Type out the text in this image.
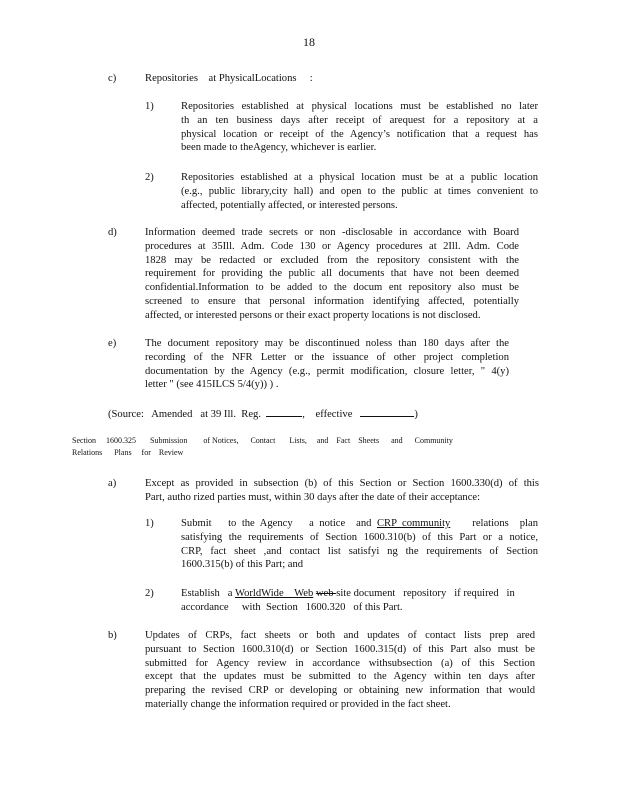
18
c)	Repositories    at PhysicalLocations     :
1)	Repositories established at physical locations must be established no later
th an ten business days after receipt of arequest for a repository at a
physical location or receipt of the Agency’s notification that a request has
been made to theAgency, whichever is earlier.
2)	Repositories established at a physical location must be at a public location
(e.g., public library,city hall) and open to the public at times convenient to
affected, potentially affected, or interested persons.
d)	Information deemed trade secrets or non -disclosable in accordance with Board
procedures at 35Ill. Adm. Code 130 or Agency procedures at 2Ill. Adm. Code
1828 may be redacted or excluded from the repository consistent with the
requirement for providing the public all documents that have not been deemed
confidential.Information to be added to the docum ent repository also must be
screened to ensure that personal information identifying affected, potentially
affected, or interested persons or their exact property locations is not disclosed.
e)	The document repository may be discontinued noless than 180 days after the
recording of the NFR Letter or the issuance of other project completion
documentation by the Agency (e.g., permit modification, closure letter, " 4(y)
letter " (see 415ILCS 5/4(y)) ) .
(Source:   Amended   at 39 Ill.  Reg.	,    effective	)
Section     1600.325       Submission        of Notices,      Contact       Lists,     and    Fact    Sheets      and      Community
Relations      Plans     for    Review
a)	Except as provided in subsection (b) of this Section or Section 1600.330(d) of this
Part, autho rized parties must, within 30 days after the date of their acceptance:
1)	Submit   to the Agency   a notice  and CRP community    relations  plan
satisfying the requirements of Section 1600.310(b) of this Part or a notice,
CRP, fact sheet ,and contact list satisfyi ng the requirements of Section
1600.315(b) of this Part; and
2)	Establish   a WorldWide    Web web site document   repository   if required   in
accordance     with  Section   1600.320   of this Part.
b)	Updates of CRPs, fact sheets or both and updates of contact lists prep ared
pursuant to Section 1600.310(d) or Section 1600.315(d) of this Part also must be
submitted for Agency review in accordance withsubsection (a) of this Section
except that the updates must be submitted to the Agency within ten days after
preparing the revised CRP or developing or obtaining new information that would
materially change the information required or provided in the fact sheet.
